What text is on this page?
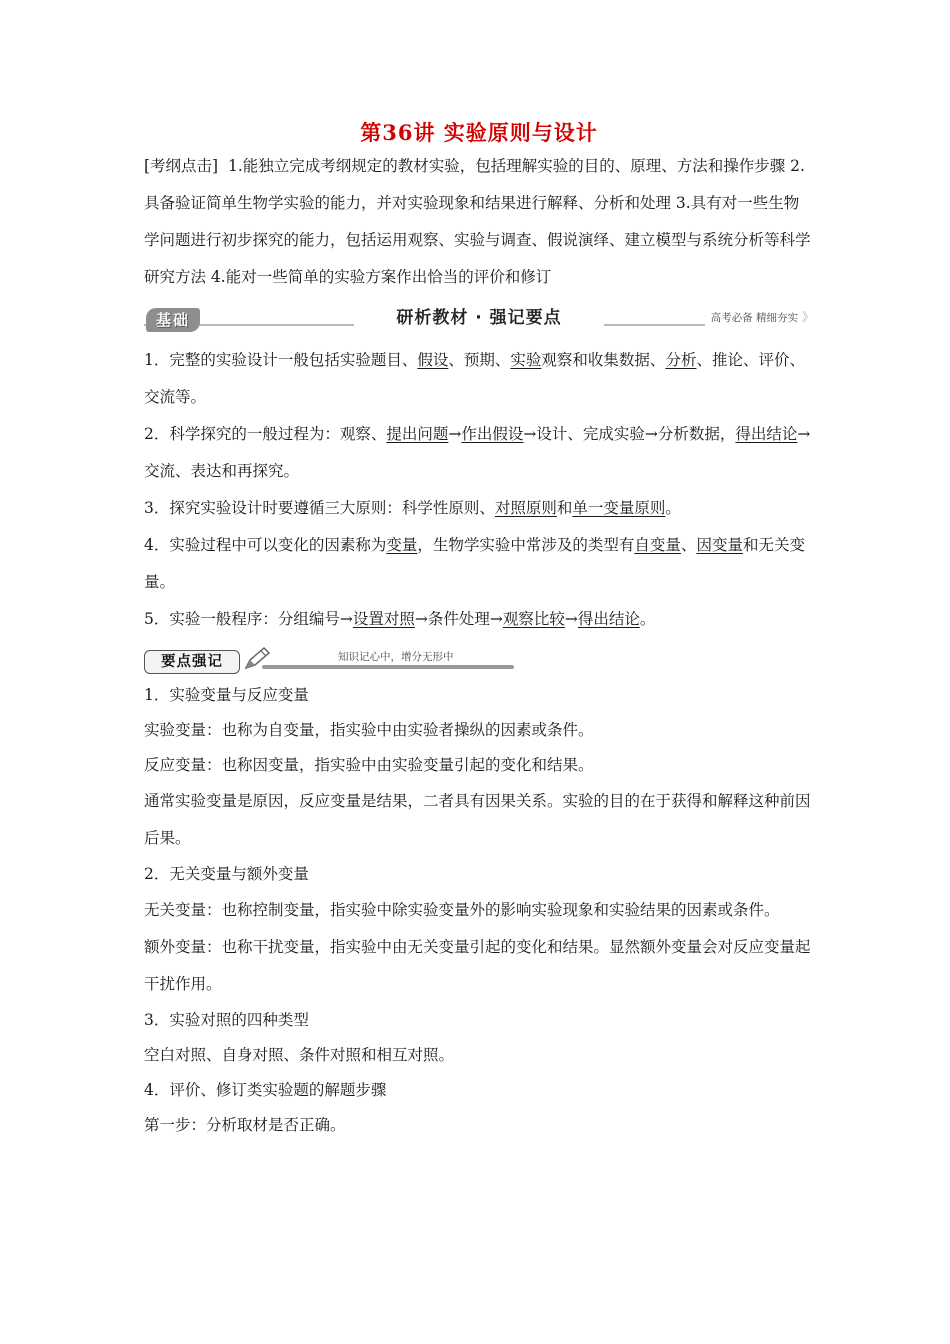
第36讲 实验原则与设计

[考纲点击] 1.能独立完成考纲规定的教材实验，包括理解实验的目的、原理、方法和操作步骤 2.具备验证简单生物学实验的能力，并对实验现象和结果进行解释、分析和处理 3.具有对一些生物学问题进行初步探究的能力，包括运用观察、实验与调查、假说演绎、建立模型与系统分析等科学研究方法 4.能对一些简单的实验方案作出恰当的评价和修订

基础	研析教材 · 强记要点	高考必备 精细夯实 》

1．完整的实验设计一般包括实验题目、假设、预期、实验观察和收集数据、分析、推论、评价、交流等。

2．科学探究的一般过程为：观察、提出问题→作出假设→设计、完成实验→分析数据，得出结论→交流、表达和再探究。

3．探究实验设计时要遵循三大原则：科学性原则、对照原则和单一变量原则。

4．实验过程中可以变化的因素称为变量，生物学实验中常涉及的类型有自变量、因变量和无关变量。

5．实验一般程序：分组编号→设置对照→条件处理→观察比较→得出结论。

要点强记	知识记心中，增分无形中

1．实验变量与反应变量

实验变量：也称为自变量，指实验中由实验者操纵的因素或条件。

反应变量：也称因变量，指实验中由实验变量引起的变化和结果。

通常实验变量是原因，反应变量是结果，二者具有因果关系。实验的目的在于获得和解释这种前因后果。

2．无关变量与额外变量

无关变量：也称控制变量，指实验中除实验变量外的影响实验现象和实验结果的因素或条件。

额外变量：也称干扰变量，指实验中由无关变量引起的变化和结果。显然额外变量会对反应变量起干扰作用。

3．实验对照的四种类型

空白对照、自身对照、条件对照和相互对照。

4．评价、修订类实验题的解题步骤

第一步：分析取材是否正确。
